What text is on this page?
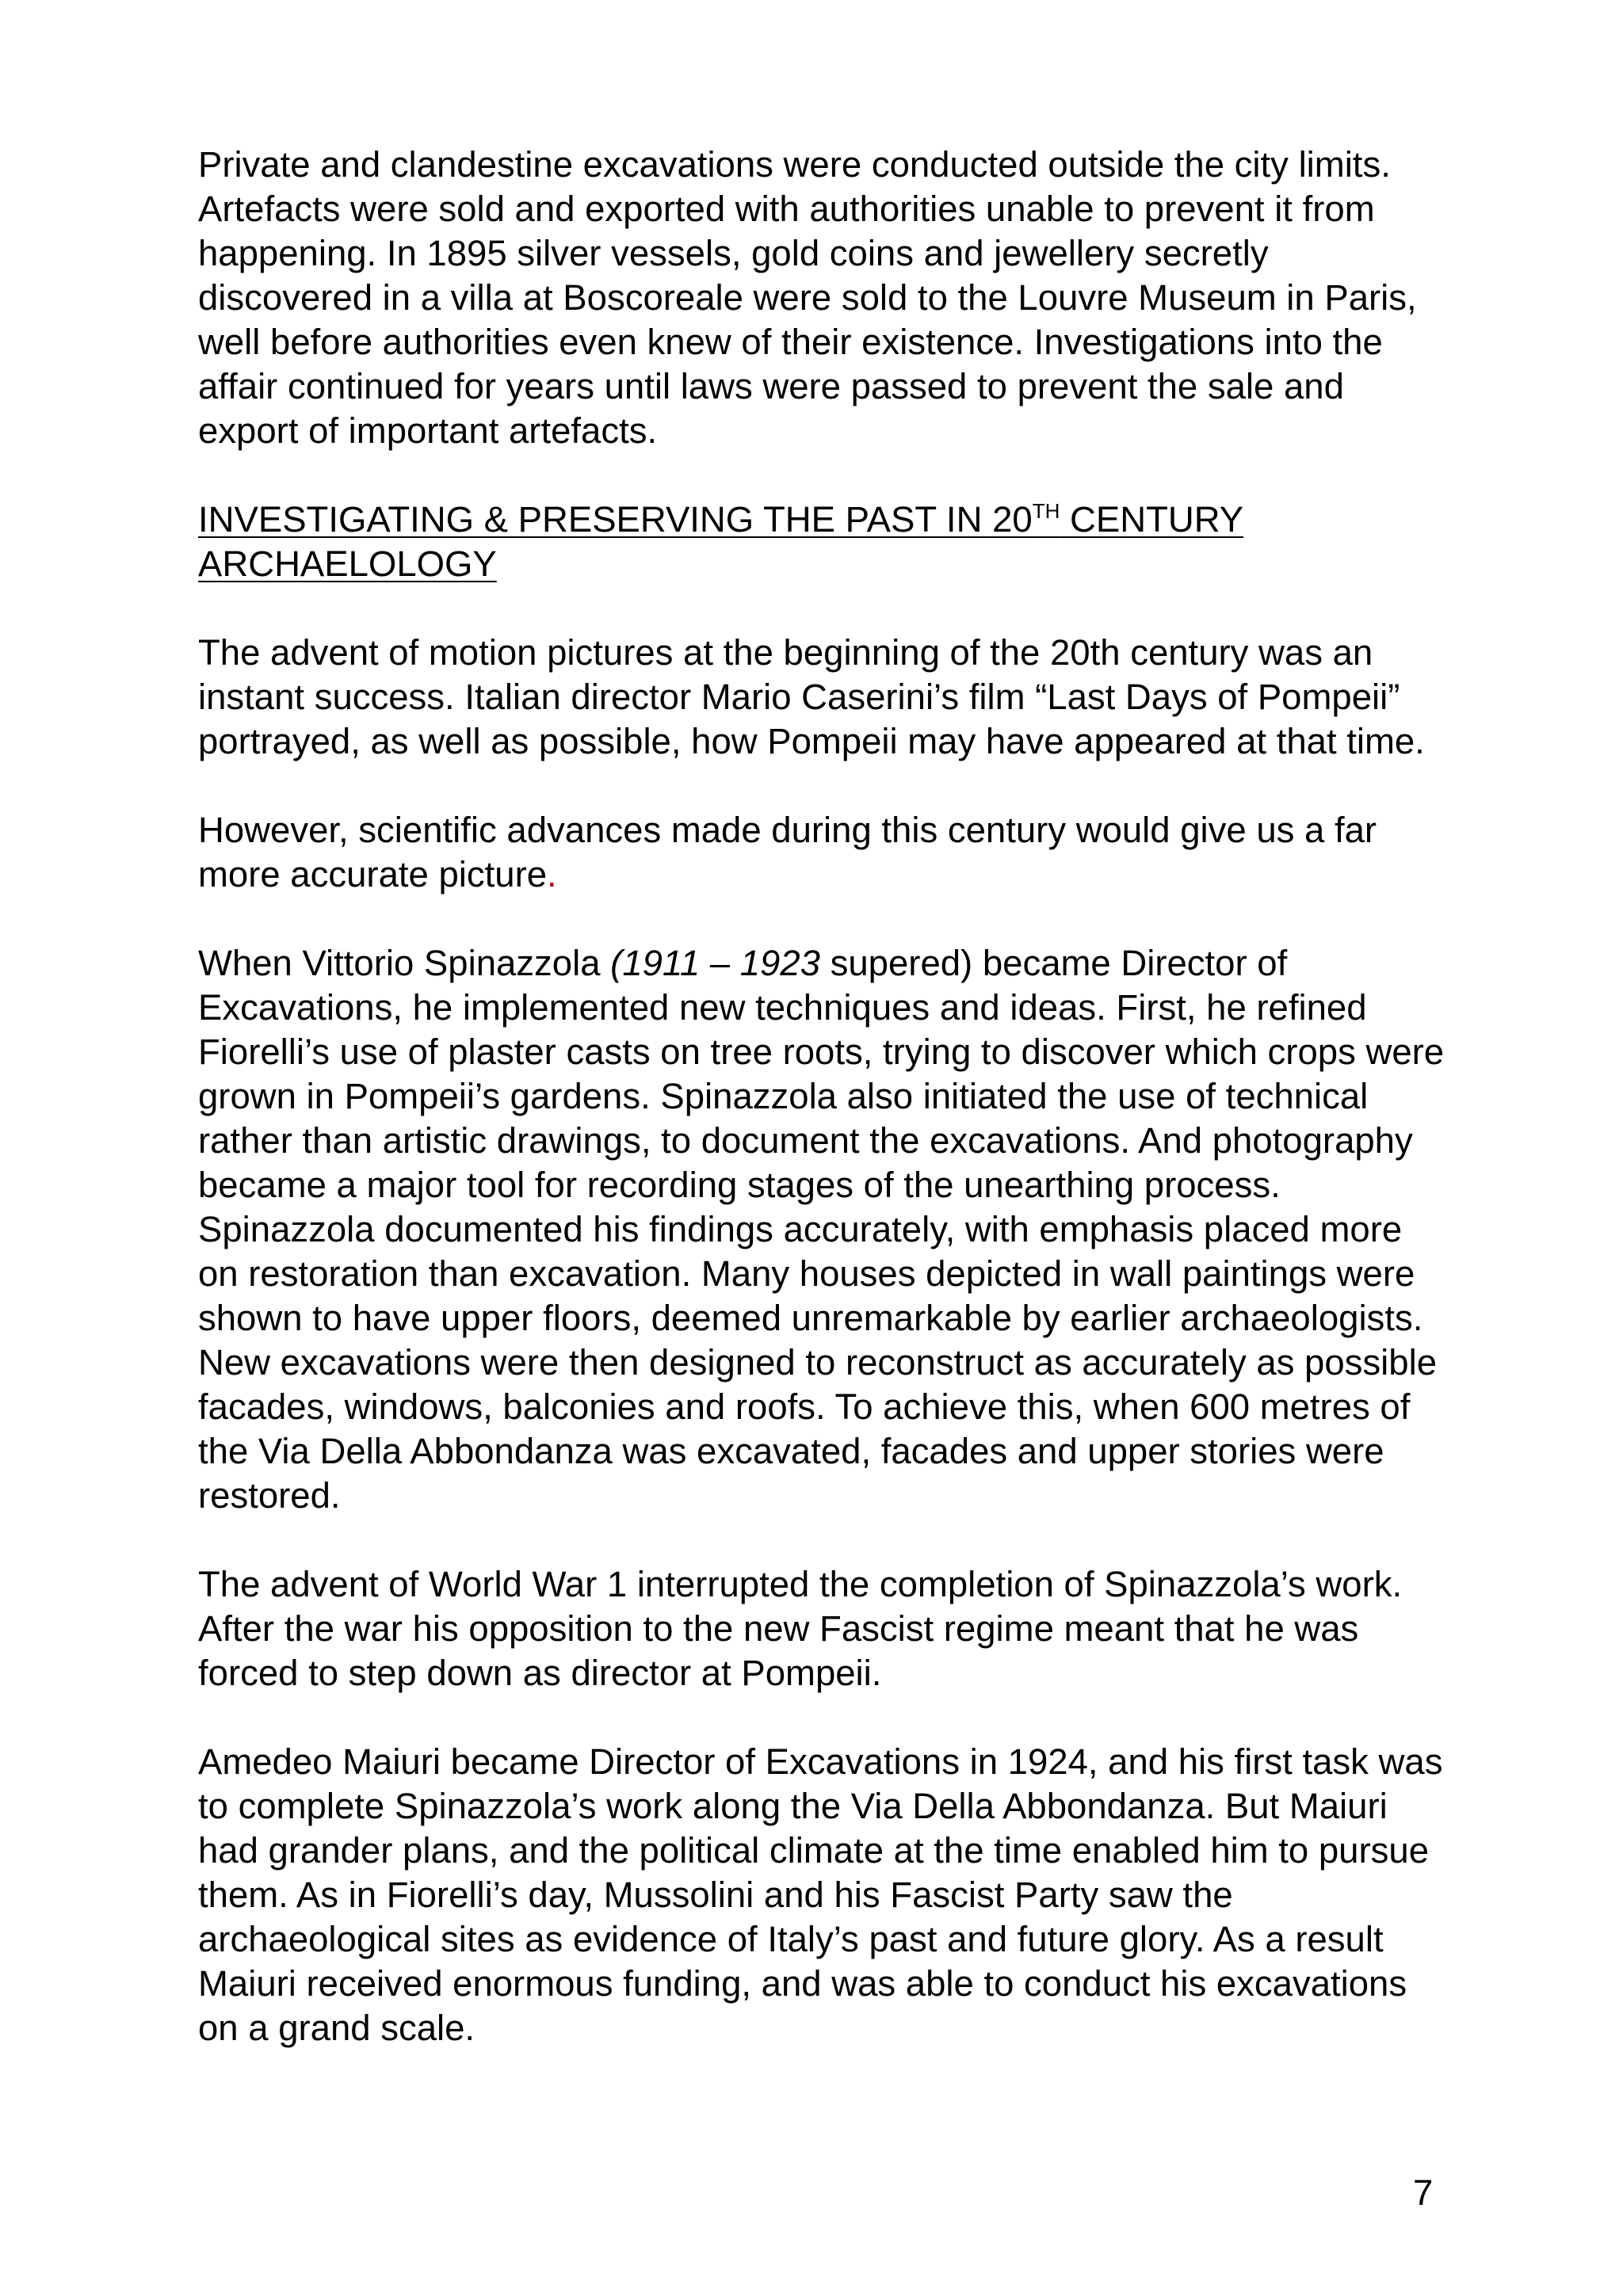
Private and clandestine excavations were conducted outside the city limits. Artefacts were sold and exported with authorities unable to prevent it from happening. In 1895 silver vessels, gold coins and jewellery secretly discovered in a villa at Boscoreale were sold to the Louvre Museum in Paris, well before authorities even knew of their existence. Investigations into the affair continued for years until laws were passed to prevent the sale and export of important artefacts.

INVESTIGATING & PRESERVING THE PAST IN 20TH CENTURY ARCHAELOLOGY

The advent of motion pictures at the beginning of the 20th century was an instant success. Italian director Mario Caserini’s film “Last Days of Pompeii” portrayed, as well as possible, how Pompeii may have appeared at that time.

However, scientific advances made during this century would give us a far more accurate picture.

When Vittorio Spinazzola (1911 – 1923 supered) became Director of Excavations, he implemented new techniques and ideas. First, he refined Fiorelli’s use of plaster casts on tree roots, trying to discover which crops were grown in Pompeii’s gardens. Spinazzola also initiated the use of technical rather than artistic drawings, to document the excavations. And photography became a major tool for recording stages of the unearthing process. Spinazzola documented his findings accurately, with emphasis placed more on restoration than excavation. Many houses depicted in wall paintings were shown to have upper floors, deemed unremarkable by earlier archaeologists. New excavations were then designed to reconstruct as accurately as possible facades, windows, balconies and roofs. To achieve this, when 600 metres of the Via Della Abbondanza was excavated, facades and upper stories were restored.

The advent of World War 1 interrupted the completion of Spinazzola’s work. After the war his opposition to the new Fascist regime meant that he was forced to step down as director at Pompeii.

Amedeo Maiuri became Director of Excavations in 1924, and his first task was to complete Spinazzola’s work along the Via Della Abbondanza. But Maiuri had grander plans, and the political climate at the time enabled him to pursue them. As in Fiorelli’s day, Mussolini and his Fascist Party saw the archaeological sites as evidence of Italy’s past and future glory. As a result Maiuri received enormous funding, and was able to conduct his excavations on a grand scale.

7
